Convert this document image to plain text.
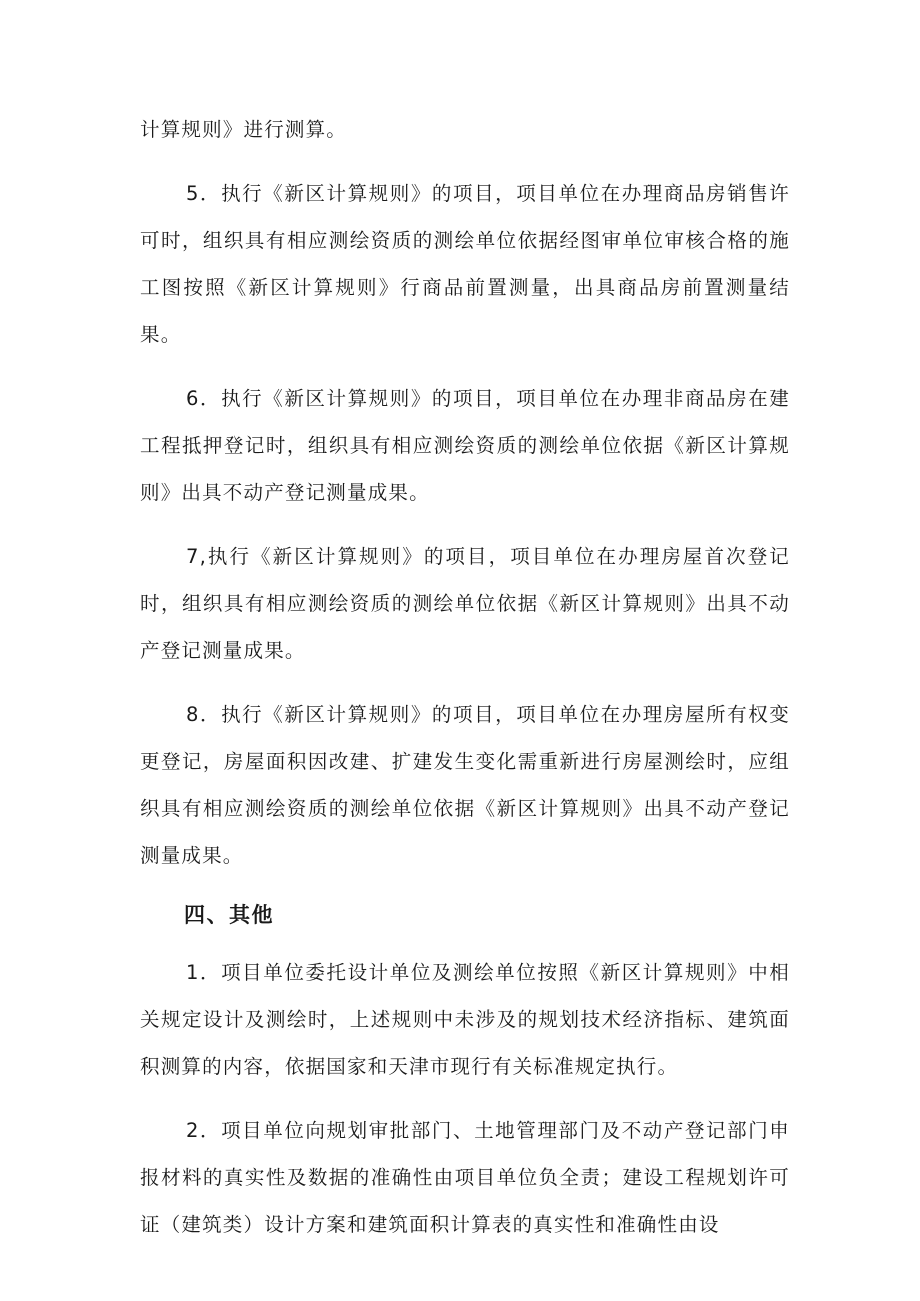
计算规则》进行测算。

5．执行《新区计算规则》的项目，项目单位在办理商品房销售许可时，组织具有相应测绘资质的测绘单位依据经图审单位审核合格的施工图按照《新区计算规则》行商品前置测量，出具商品房前置测量结果。

6．执行《新区计算规则》的项目，项目单位在办理非商品房在建工程抵押登记时，组织具有相应测绘资质的测绘单位依据《新区计算规则》出具不动产登记测量成果。

7,执行《新区计算规则》的项目，项目单位在办理房屋首次登记时，组织具有相应测绘资质的测绘单位依据《新区计算规则》出具不动产登记测量成果。

8．执行《新区计算规则》的项目，项目单位在办理房屋所有权变更登记，房屋面积因改建、扩建发生变化需重新进行房屋测绘时，应组织具有相应测绘资质的测绘单位依据《新区计算规则》出具不动产登记测量成果。

四、其他

1．项目单位委托设计单位及测绘单位按照《新区计算规则》中相关规定设计及测绘时，上述规则中未涉及的规划技术经济指标、建筑面积测算的内容，依据国家和天津市现行有关标准规定执行。

2．项目单位向规划审批部门、土地管理部门及不动产登记部门申报材料的真实性及数据的准确性由项目单位负全责；建设工程规划许可证（建筑类）设计方案和建筑面积计算表的真实性和准确性由设
